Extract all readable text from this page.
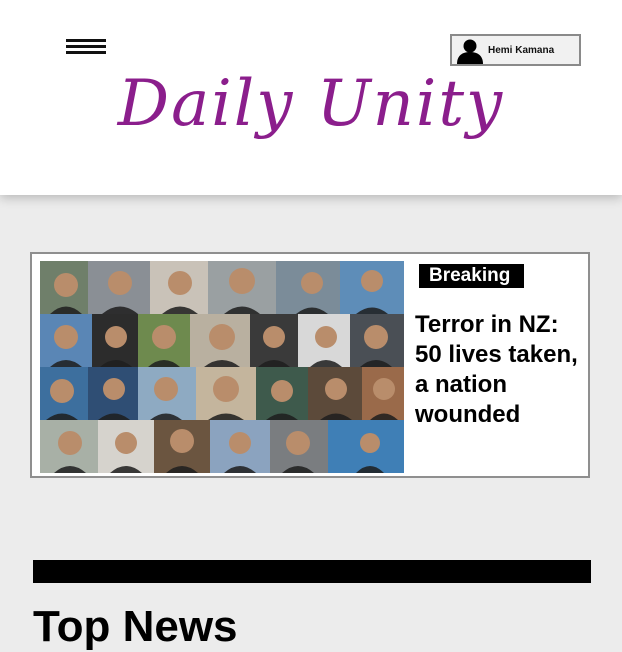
Hemi Kamana
Daily Unity
Breaking
Terror in NZ: 50 lives taken, a nation wounded
Top News
